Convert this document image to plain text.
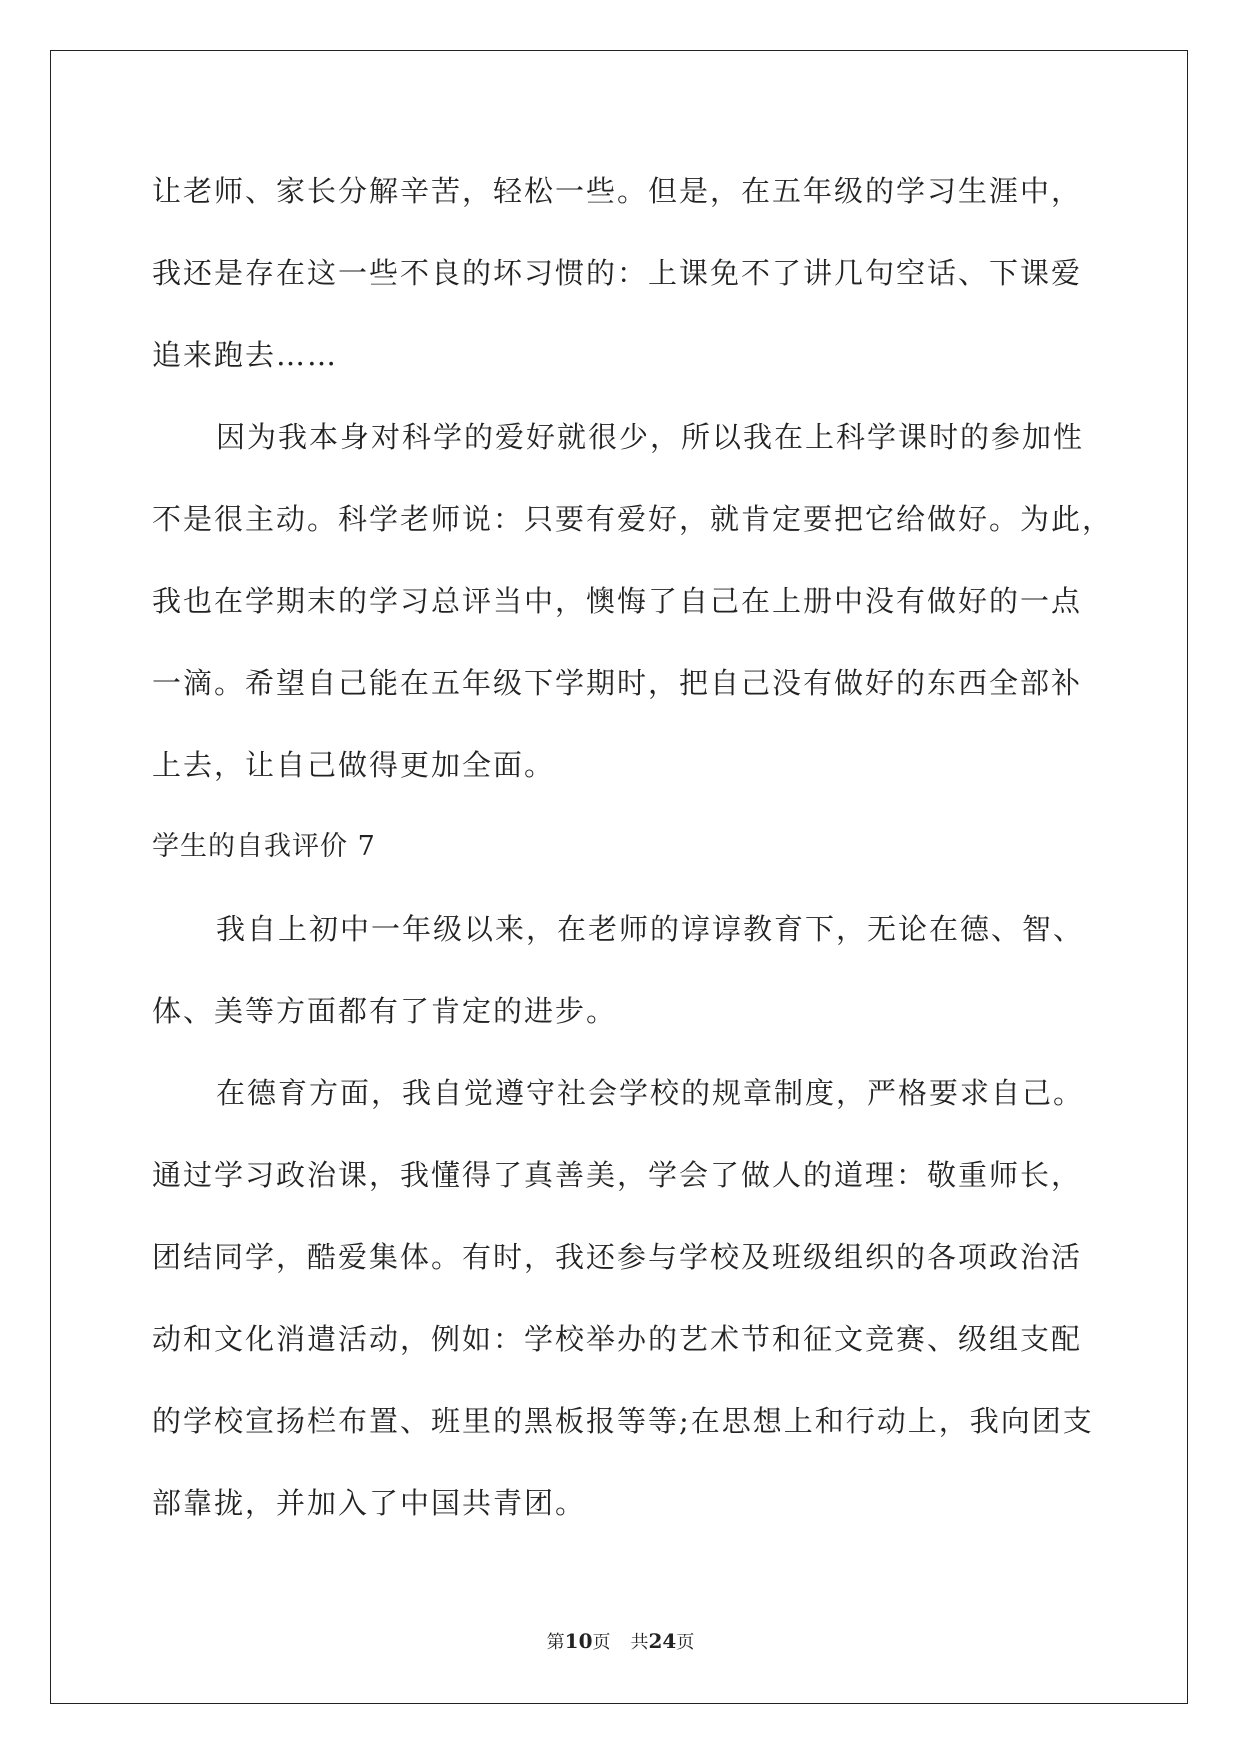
让老师、家长分解辛苦，轻松一些。但是，在五年级的学习生涯中，

我还是存在这一些不良的坏习惯的：上课免不了讲几句空话、下课爱

追来跑去……

因为我本身对科学的爱好就很少，所以我在上科学课时的参加性

不是很主动。科学老师说：只要有爱好，就肯定要把它给做好。为此，

我也在学期末的学习总评当中，懊悔了自己在上册中没有做好的一点

一滴。希望自己能在五年级下学期时，把自己没有做好的东西全部补

上去，让自己做得更加全面。

学生的自我评价 7

我自上初中一年级以来，在老师的谆谆教育下，无论在德、智、

体、美等方面都有了肯定的进步。

在德育方面，我自觉遵守社会学校的规章制度，严格要求自己。

通过学习政治课，我懂得了真善美，学会了做人的道理：敬重师长，

团结同学，酷爱集体。有时，我还参与学校及班级组织的各项政治活

动和文化消遣活动，例如：学校举办的艺术节和征文竞赛、级组支配

的学校宣扬栏布置、班里的黑板报等等;在思想上和行动上，我向团支

部靠拢，并加入了中国共青团。

第10页 共24页
